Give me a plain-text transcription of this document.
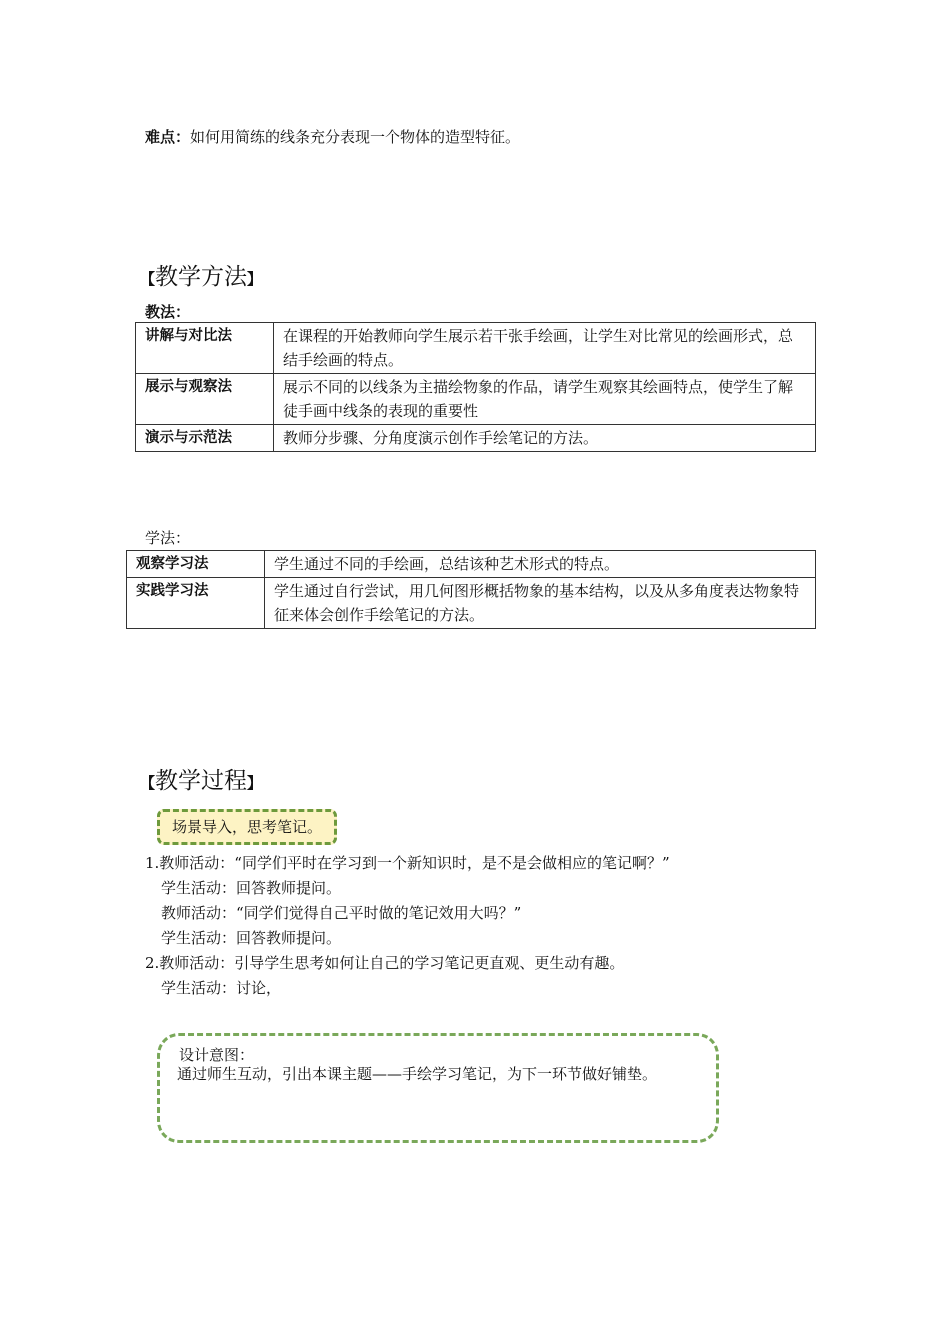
难点：如何用简练的线条充分表现一个物体的造型特征。
【教学方法】
教法：
讲解与对比法	在课程的开始教师向学生展示若干张手绘画，让学生对比常见的绘画形式，总结手绘画的特点。
展示与观察法	展示不同的以线条为主描绘物象的作品，请学生观察其绘画特点，使学生了解徒手画中线条的表现的重要性
演示与示范法	教师分步骤、分角度演示创作手绘笔记的方法。
学法：
观察学习法	学生通过不同的手绘画，总结该种艺术形式的特点。
实践学习法	学生通过自行尝试，用几何图形概括物象的基本结构，以及从多角度表达物象特征来体会创作手绘笔记的方法。
【教学过程】
场景导入，思考笔记。
1.教师活动：“同学们平时在学习到一个新知识时，是不是会做相应的笔记啊？”
学生活动：回答教师提问。
教师活动：“同学们觉得自己平时做的笔记效用大吗？”
学生活动：回答教师提问。
2.教师活动：引导学生思考如何让自己的学习笔记更直观、更生动有趣。
学生活动：讨论，
设计意图：
通过师生互动，引出本课主题——手绘学习笔记，为下一环节做好铺垫。
